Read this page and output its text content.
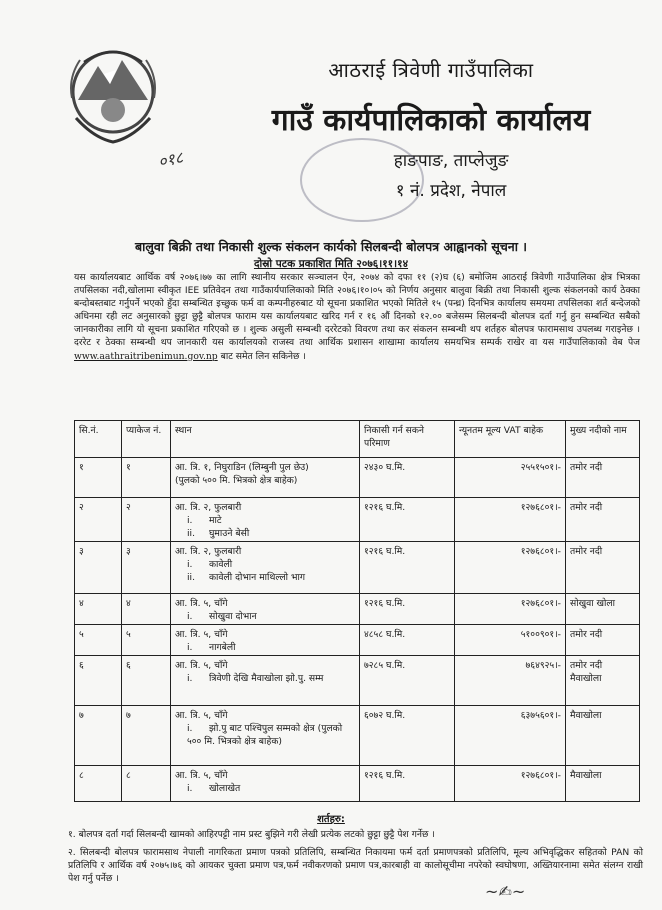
आठराई त्रिवेणी गाउँपालिका
गाउँ कार्यपालिकाको कार्यालय
हाङपाङ, ताप्लेजुङ
१ नं. प्रदेश, नेपाल
०१८
बालुवा बिक्री तथा निकासी शुल्क संकलन कार्यको सिलबन्दी बोलपत्र आह्वानको सूचना ।
दोस्रो पटक प्रकाशित मिति २०७६।११।१४
यस कार्यालयबाट आर्थिक वर्ष २०७६।७७ का लागि स्थानीय सरकार सञ्चालन ऐन, २०७४ को दफा ११ (२)घ (६) बमोजिम आठराई त्रिवेणी गाउँपालिका क्षेत्र भित्रका तपसिलका नदी,खोलामा स्वीकृत IEE प्रतिवेदन तथा गाउँकार्यपालिकाको मिति २०७६।१०।०५ को निर्णय अनुसार बालुवा बिक्री तथा निकासी शुल्क संकलनको कार्य ठेक्का बन्दोबस्तबाट गर्नुपर्ने भएको हुँदा सम्बन्धित इच्छुक फर्म वा कम्पनीहरुबाट यो सूचना प्रकाशित भएको मितिले १५ (पन्ध्र) दिनभित्र कार्यालय समयमा तपसिलका शर्त बन्देजको अधिनमा रही लट अनुसारको छुट्टा छुट्टै बोलपत्र फाराम यस कार्यालयबाट खरिद गर्न र १६ औं दिनको १२.०० बजेसम्म सिलबन्दी बोलपत्र दर्ता गर्नु हुन सम्बन्धित सबैको जानकारीका लागि यो सूचना प्रकाशित गरिएको छ । शुल्क असुली सम्बन्धी दररेटको विवरण तथा कर संकलन सम्बन्धी थप शर्तहरु बोलपत्र फारामसाथ उपलब्ध गराइनेछ । दररेट र ठेक्का सम्बन्धी थप जानकारी यस कार्यालयको राजस्व तथा आर्थिक प्रशासन शाखामा कार्यालय समयभित्र सम्पर्क राखेर वा यस गाउँपालिकाको वेब पेज www.aathraitribenimun.gov.np बाट समेत लिन सकिनेछ ।
सि.नं.	प्याकेज नं.	स्थान	निकासी गर्न सकने परिमाण	न्यूनतम मूल्य VAT बाहेक	मुख्य नदीको नाम
१	१	आ. त्रि. १, निघुराडिन (लिम्बुनी पुल छेउ)
(पुलको ५०० मि. भित्रको क्षेत्र बाहेक)	२४३० घ.मि.	२५५१५०१।-	तमोर नदी
२	२	आ. त्रि. २, फुलबारी
i. माटे
ii. घुमाउने बेसी	१२१६ घ.मि.	१२७६८०१।-	तमोर नदी
३	३	आ. त्रि. २, फुलबारी
i. कावेली
ii. कावेली दोभान माथिल्लो भाग	१२१६ घ.मि.	१२७६८०१।-	तमोर नदी
४	४	आ. त्रि. ५, चाँगे
i. सोखुवा दोभान	१२१६ घ.मि.	१२७६८०१।-	सोखुवा खोला
५	५	आ. त्रि. ५, चाँगे
i. नागबेली	४८५८ घ.मि.	५१००९०१।-	तमोर नदी
६	६	आ. त्रि. ५, चाँगे
i. त्रिवेणी देखि मैवाखोला झो.पु. सम्म	७२८५ घ.मि.	७६४९२५।-	तमोर नदी मैवाखोला
७	७	आ. त्रि. ५, चाँगे
i. झो.पु बाट पश्चिपुल सम्मको क्षेत्र (पुलको ५०० मि. भित्रको क्षेत्र बाहेक)	६०७२ घ.मि.	६३७५६०१।-	मैवाखोला
८	८	आ. त्रि. ५, चाँगे
i. खोलाखेत	१२१६ घ.मि.	१२७६८०१।-	मैवाखोला
शर्तहरु:
१. बोलपत्र दर्ता गर्दा सिलबन्दी खामको आहिरपट्टी नाम प्रस्ट बुझिने गरी लेखी प्रत्येक लटको छुट्टा छुट्टै पेश गर्नेछ ।
२. सिलबन्दी बोलपत्र फारामसाथ नेपाली नागरिकता प्रमाण पत्रको प्रतिलिपि, सम्बन्धित निकायमा फर्म दर्ता प्रमाणपत्रको प्रतिलिपि, मूल्य अभिवृद्धिकर सहितको PAN को प्रतिलिपि र आर्थिक वर्ष २०७५।७६ को आयकर चुक्ता प्रमाण पत्र,फर्म नवीकरणको प्रमाण पत्र,कारबाही वा कालोसूचीमा नपरेको स्वघोषणा, अख्तियारनामा समेत संलग्न राखी पेश गर्नु पर्नेछ ।
~✍~
